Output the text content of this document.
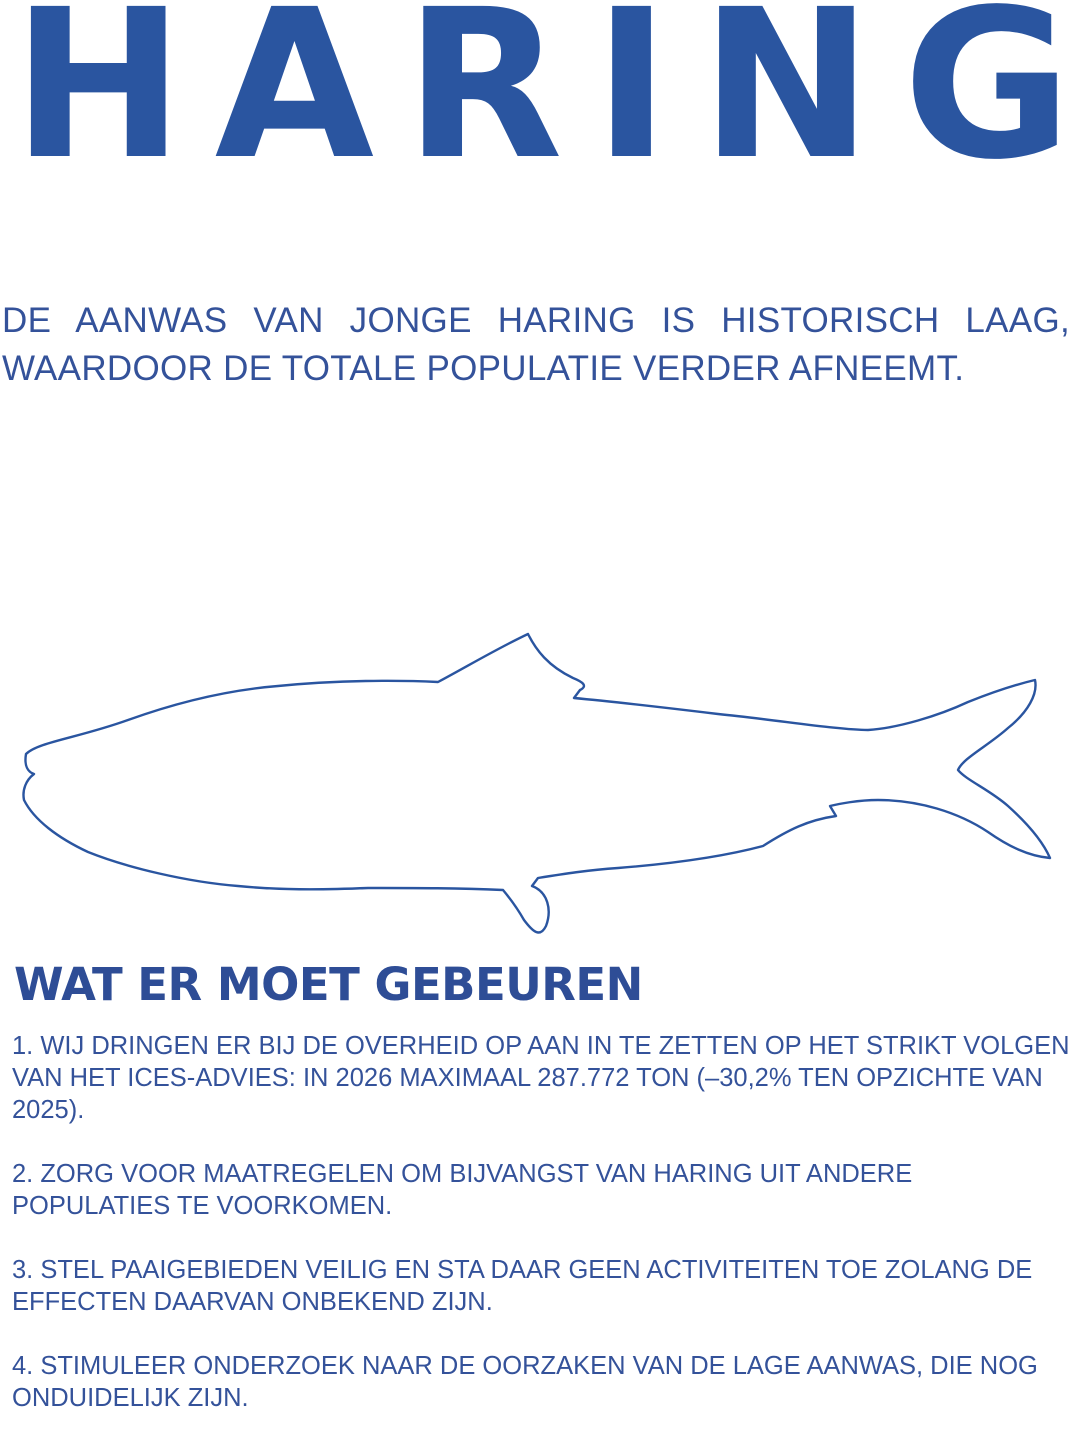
H A R I N G

DE AANWAS VAN JONGE HARING IS HISTORISCH LAAG, WAARDOOR DE TOTALE POPULATIE VERDER AFNEEMT.

WAT ER MOET GEBEUREN
1. WIJ DRINGEN ER BIJ DE OVERHEID OP AAN IN TE ZETTEN OP HET STRIKT VOLGEN VAN HET ICES-ADVIES: IN 2026 MAXIMAAL 287.772 TON (–30,2% TEN OPZICHTE VAN 2025).
2. ZORG VOOR MAATREGELEN OM BIJVANGST VAN HARING UIT ANDERE POPULATIES TE VOORKOMEN.
3. STEL PAAIGEBIEDEN VEILIG EN STA DAAR GEEN ACTIVITEITEN TOE ZOLANG DE EFFECTEN DAARVAN ONBEKEND ZIJN.
4. STIMULEER ONDERZOEK NAAR DE OORZAKEN VAN DE LAGE AANWAS, DIE NOG ONDUIDELIJK ZIJN.
